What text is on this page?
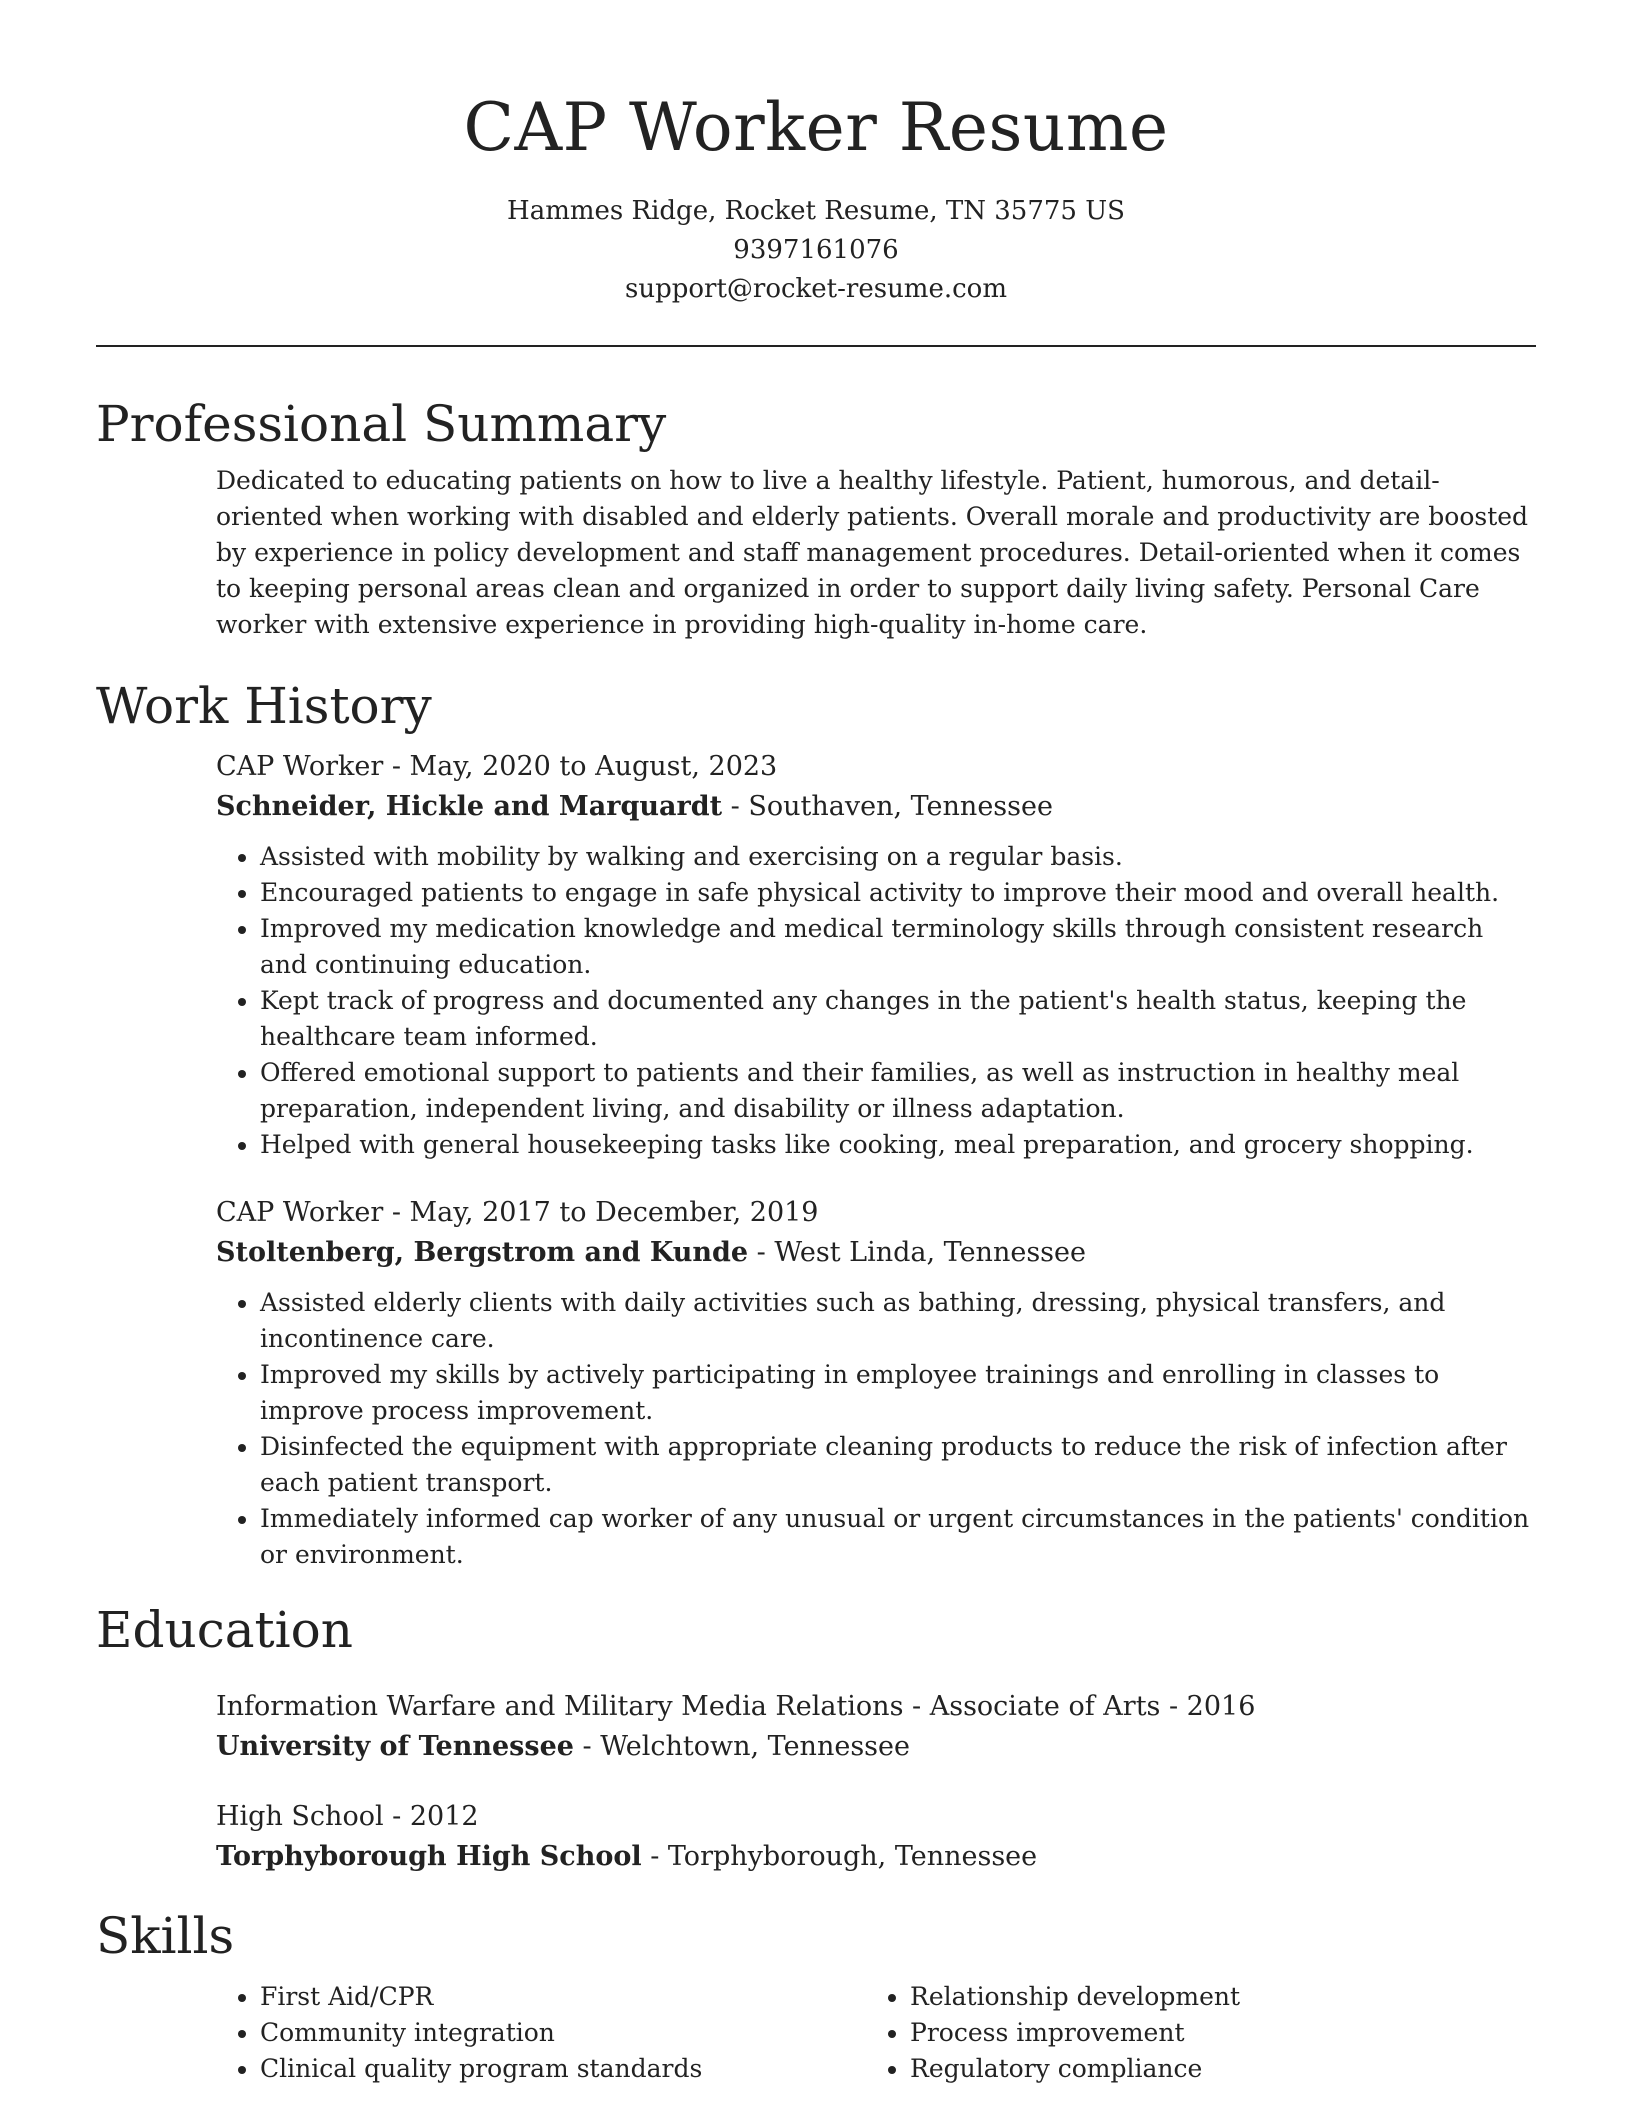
CAP Worker Resume

Hammes Ridge, Rocket Resume, TN 35775 US

9397161076

support@rocket-resume.com

Professional Summary

Dedicated to educating patients on how to live a healthy lifestyle. Patient, humorous, and detail-oriented when working with disabled and elderly patients. Overall morale and productivity are boosted by experience in policy development and staff management procedures. Detail-oriented when it comes to keeping personal areas clean and organized in order to support daily living safety. Personal Care worker with extensive experience in providing high-quality in-home care.

Work History

CAP Worker - May, 2020 to August, 2023

Schneider, Hickle and Marquardt - Southaven, Tennessee

• Assisted with mobility by walking and exercising on a regular basis.
• Encouraged patients to engage in safe physical activity to improve their mood and overall health.
• Improved my medication knowledge and medical terminology skills through consistent research and continuing education.
• Kept track of progress and documented any changes in the patient's health status, keeping the healthcare team informed.
• Offered emotional support to patients and their families, as well as instruction in healthy meal preparation, independent living, and disability or illness adaptation.
• Helped with general housekeeping tasks like cooking, meal preparation, and grocery shopping.

CAP Worker - May, 2017 to December, 2019

Stoltenberg, Bergstrom and Kunde - West Linda, Tennessee

• Assisted elderly clients with daily activities such as bathing, dressing, physical transfers, and incontinence care.
• Improved my skills by actively participating in employee trainings and enrolling in classes to improve process improvement.
• Disinfected the equipment with appropriate cleaning products to reduce the risk of infection after each patient transport.
• Immediately informed cap worker of any unusual or urgent circumstances in the patients' condition or environment.
Education

Information Warfare and Military Media Relations - Associate of Arts - 2016

University of Tennessee - Welchtown, Tennessee

High School - 2012

Torphyborough High School - Torphyborough, Tennessee

Skills
• First Aid/CPR
• Community integration
• Clinical quality program standards
• Relationship development
• Process improvement
• Regulatory compliance
